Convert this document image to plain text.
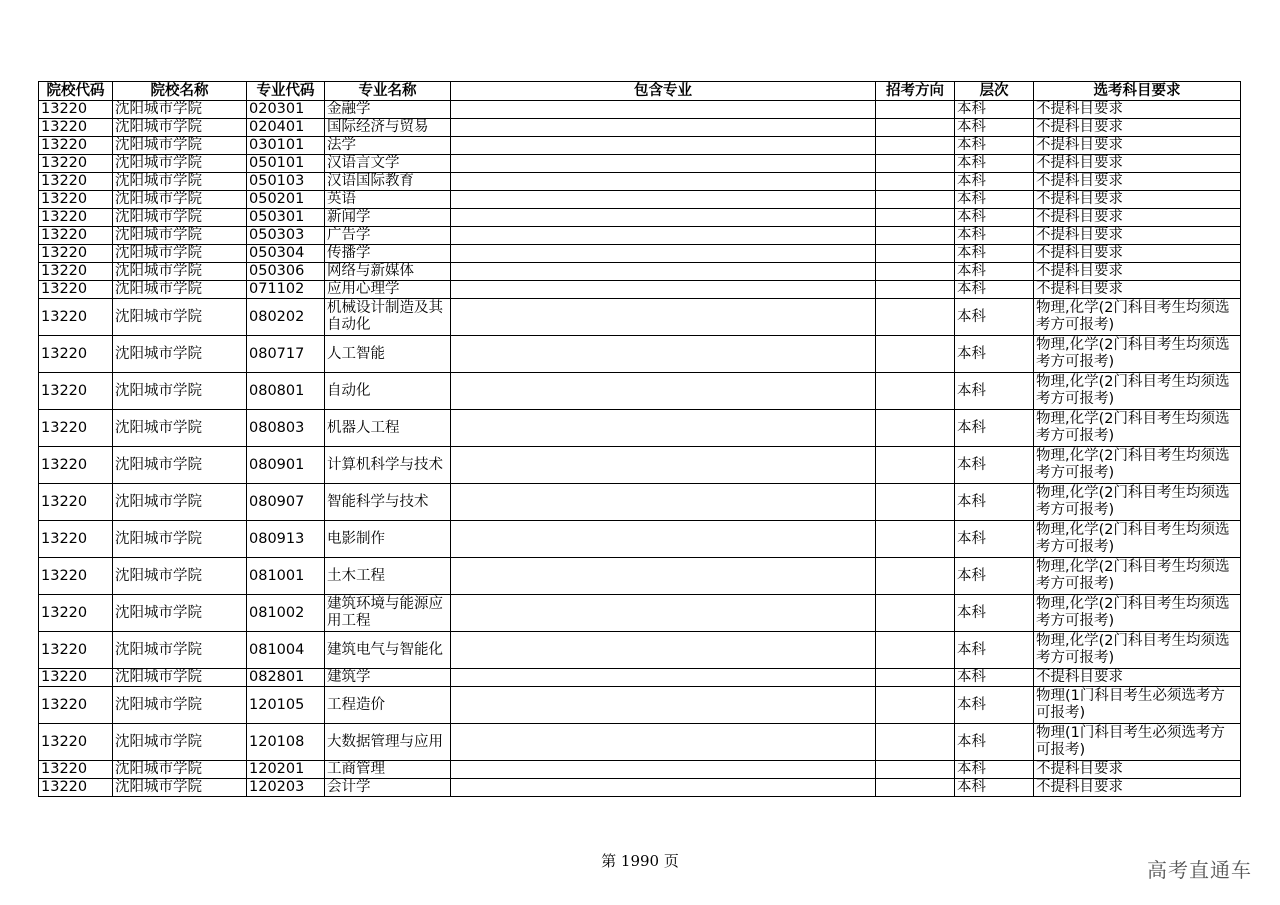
院校代码	院校名称	专业代码	专业名称	包含专业	招考方向	层次	选考科目要求
13220	沈阳城市学院	020301	金融学			本科	不提科目要求
13220	沈阳城市学院	020401	国际经济与贸易			本科	不提科目要求
13220	沈阳城市学院	030101	法学			本科	不提科目要求
13220	沈阳城市学院	050101	汉语言文学			本科	不提科目要求
13220	沈阳城市学院	050103	汉语国际教育			本科	不提科目要求
13220	沈阳城市学院	050201	英语			本科	不提科目要求
13220	沈阳城市学院	050301	新闻学			本科	不提科目要求
13220	沈阳城市学院	050303	广告学			本科	不提科目要求
13220	沈阳城市学院	050304	传播学			本科	不提科目要求
13220	沈阳城市学院	050306	网络与新媒体			本科	不提科目要求
13220	沈阳城市学院	071102	应用心理学			本科	不提科目要求
13220	沈阳城市学院	080202	机械设计制造及其自动化			本科	物理,化学(2门科目考生均须选考方可报考)
13220	沈阳城市学院	080717	人工智能			本科	物理,化学(2门科目考生均须选考方可报考)
13220	沈阳城市学院	080801	自动化			本科	物理,化学(2门科目考生均须选考方可报考)
13220	沈阳城市学院	080803	机器人工程			本科	物理,化学(2门科目考生均须选考方可报考)
13220	沈阳城市学院	080901	计算机科学与技术			本科	物理,化学(2门科目考生均须选考方可报考)
13220	沈阳城市学院	080907	智能科学与技术			本科	物理,化学(2门科目考生均须选考方可报考)
13220	沈阳城市学院	080913	电影制作			本科	物理,化学(2门科目考生均须选考方可报考)
13220	沈阳城市学院	081001	土木工程			本科	物理,化学(2门科目考生均须选考方可报考)
13220	沈阳城市学院	081002	建筑环境与能源应用工程			本科	物理,化学(2门科目考生均须选考方可报考)
13220	沈阳城市学院	081004	建筑电气与智能化			本科	物理,化学(2门科目考生均须选考方可报考)
13220	沈阳城市学院	082801	建筑学			本科	不提科目要求
13220	沈阳城市学院	120105	工程造价			本科	物理(1门科目考生必须选考方可报考)
13220	沈阳城市学院	120108	大数据管理与应用			本科	物理(1门科目考生必须选考方可报考)
13220	沈阳城市学院	120201	工商管理			本科	不提科目要求
13220	沈阳城市学院	120203	会计学			本科	不提科目要求
第 1990 页	高考直通车
